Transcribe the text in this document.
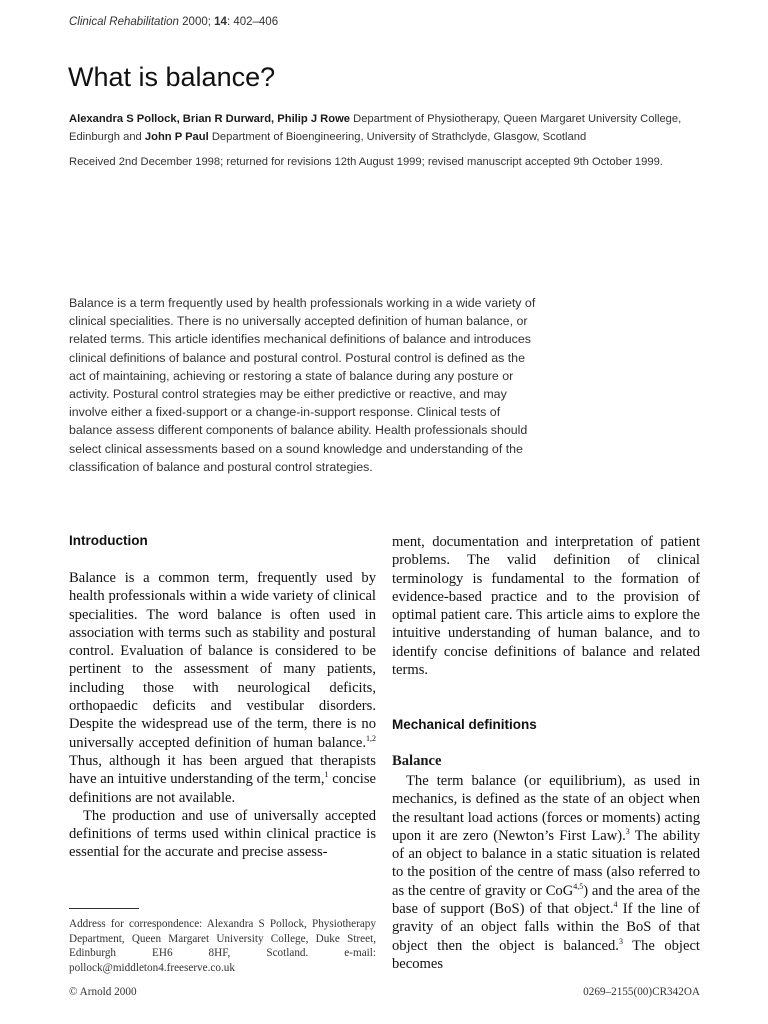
Clinical Rehabilitation 2000; 14: 402–406
What is balance?
Alexandra S Pollock, Brian R Durward, Philip J Rowe Department of Physiotherapy, Queen Margaret University College, Edinburgh and John P Paul Department of Bioengineering, University of Strathclyde, Glasgow, Scotland
Received 2nd December 1998; returned for revisions 12th August 1999; revised manuscript accepted 9th October 1999.
Balance is a term frequently used by health professionals working in a wide variety of clinical specialities. There is no universally accepted definition of human balance, or related terms. This article identifies mechanical definitions of balance and introduces clinical definitions of balance and postural control. Postural control is defined as the act of maintaining, achieving or restoring a state of balance during any posture or activity. Postural control strategies may be either predictive or reactive, and may involve either a fixed-support or a change-in-support response. Clinical tests of balance assess different components of balance ability. Health professionals should select clinical assessments based on a sound knowledge and understanding of the classification of balance and postural control strategies.
Introduction

Balance is a common term, frequently used by health professionals within a wide variety of clinical specialities. The word balance is often used in association with terms such as stability and postural control. Evaluation of balance is considered to be pertinent to the assessment of many patients, including those with neurological deficits, orthopaedic deficits and vestibular disorders. Despite the widespread use of the term, there is no universally accepted definition of human balance.$^{1,2}$ Thus, although it has been argued that therapists have an intuitive understanding of the term,$^1$ concise definitions are not available.

The production and use of universally accepted definitions of terms used within clinical practice is essential for the accurate and precise assess-

ment, documentation and interpretation of patient problems. The valid definition of clinical terminology is fundamental to the formation of evidence-based practice and to the provision of optimal patient care. This article aims to explore the intuitive understanding of human balance, and to identify concise definitions of balance and related terms.

Mechanical definitions
Balance

The term balance (or equilibrium), as used in mechanics, is defined as the state of an object when the resultant load actions (forces or moments) acting upon it are zero (Newton’s First Law).$^3$ The ability of an object to balance in a static situation is related to the position of the centre of mass (also referred to as the centre of gravity or CoG$^{4,5}$) and the area of the base of support (BoS) of that object.$^4$ If the line of gravity of an object falls within the BoS of that object then the object is balanced.$^3$ The object becomes

Address for correspondence: Alexandra S Pollock, Physiotherapy Department, Queen Margaret University College, Duke Street, Edinburgh EH6 8HF, Scotland. e-mail: pollock@middleton4.freeserve.co.uk
© Arnold 2000	0269–2155(00)CR342OA
